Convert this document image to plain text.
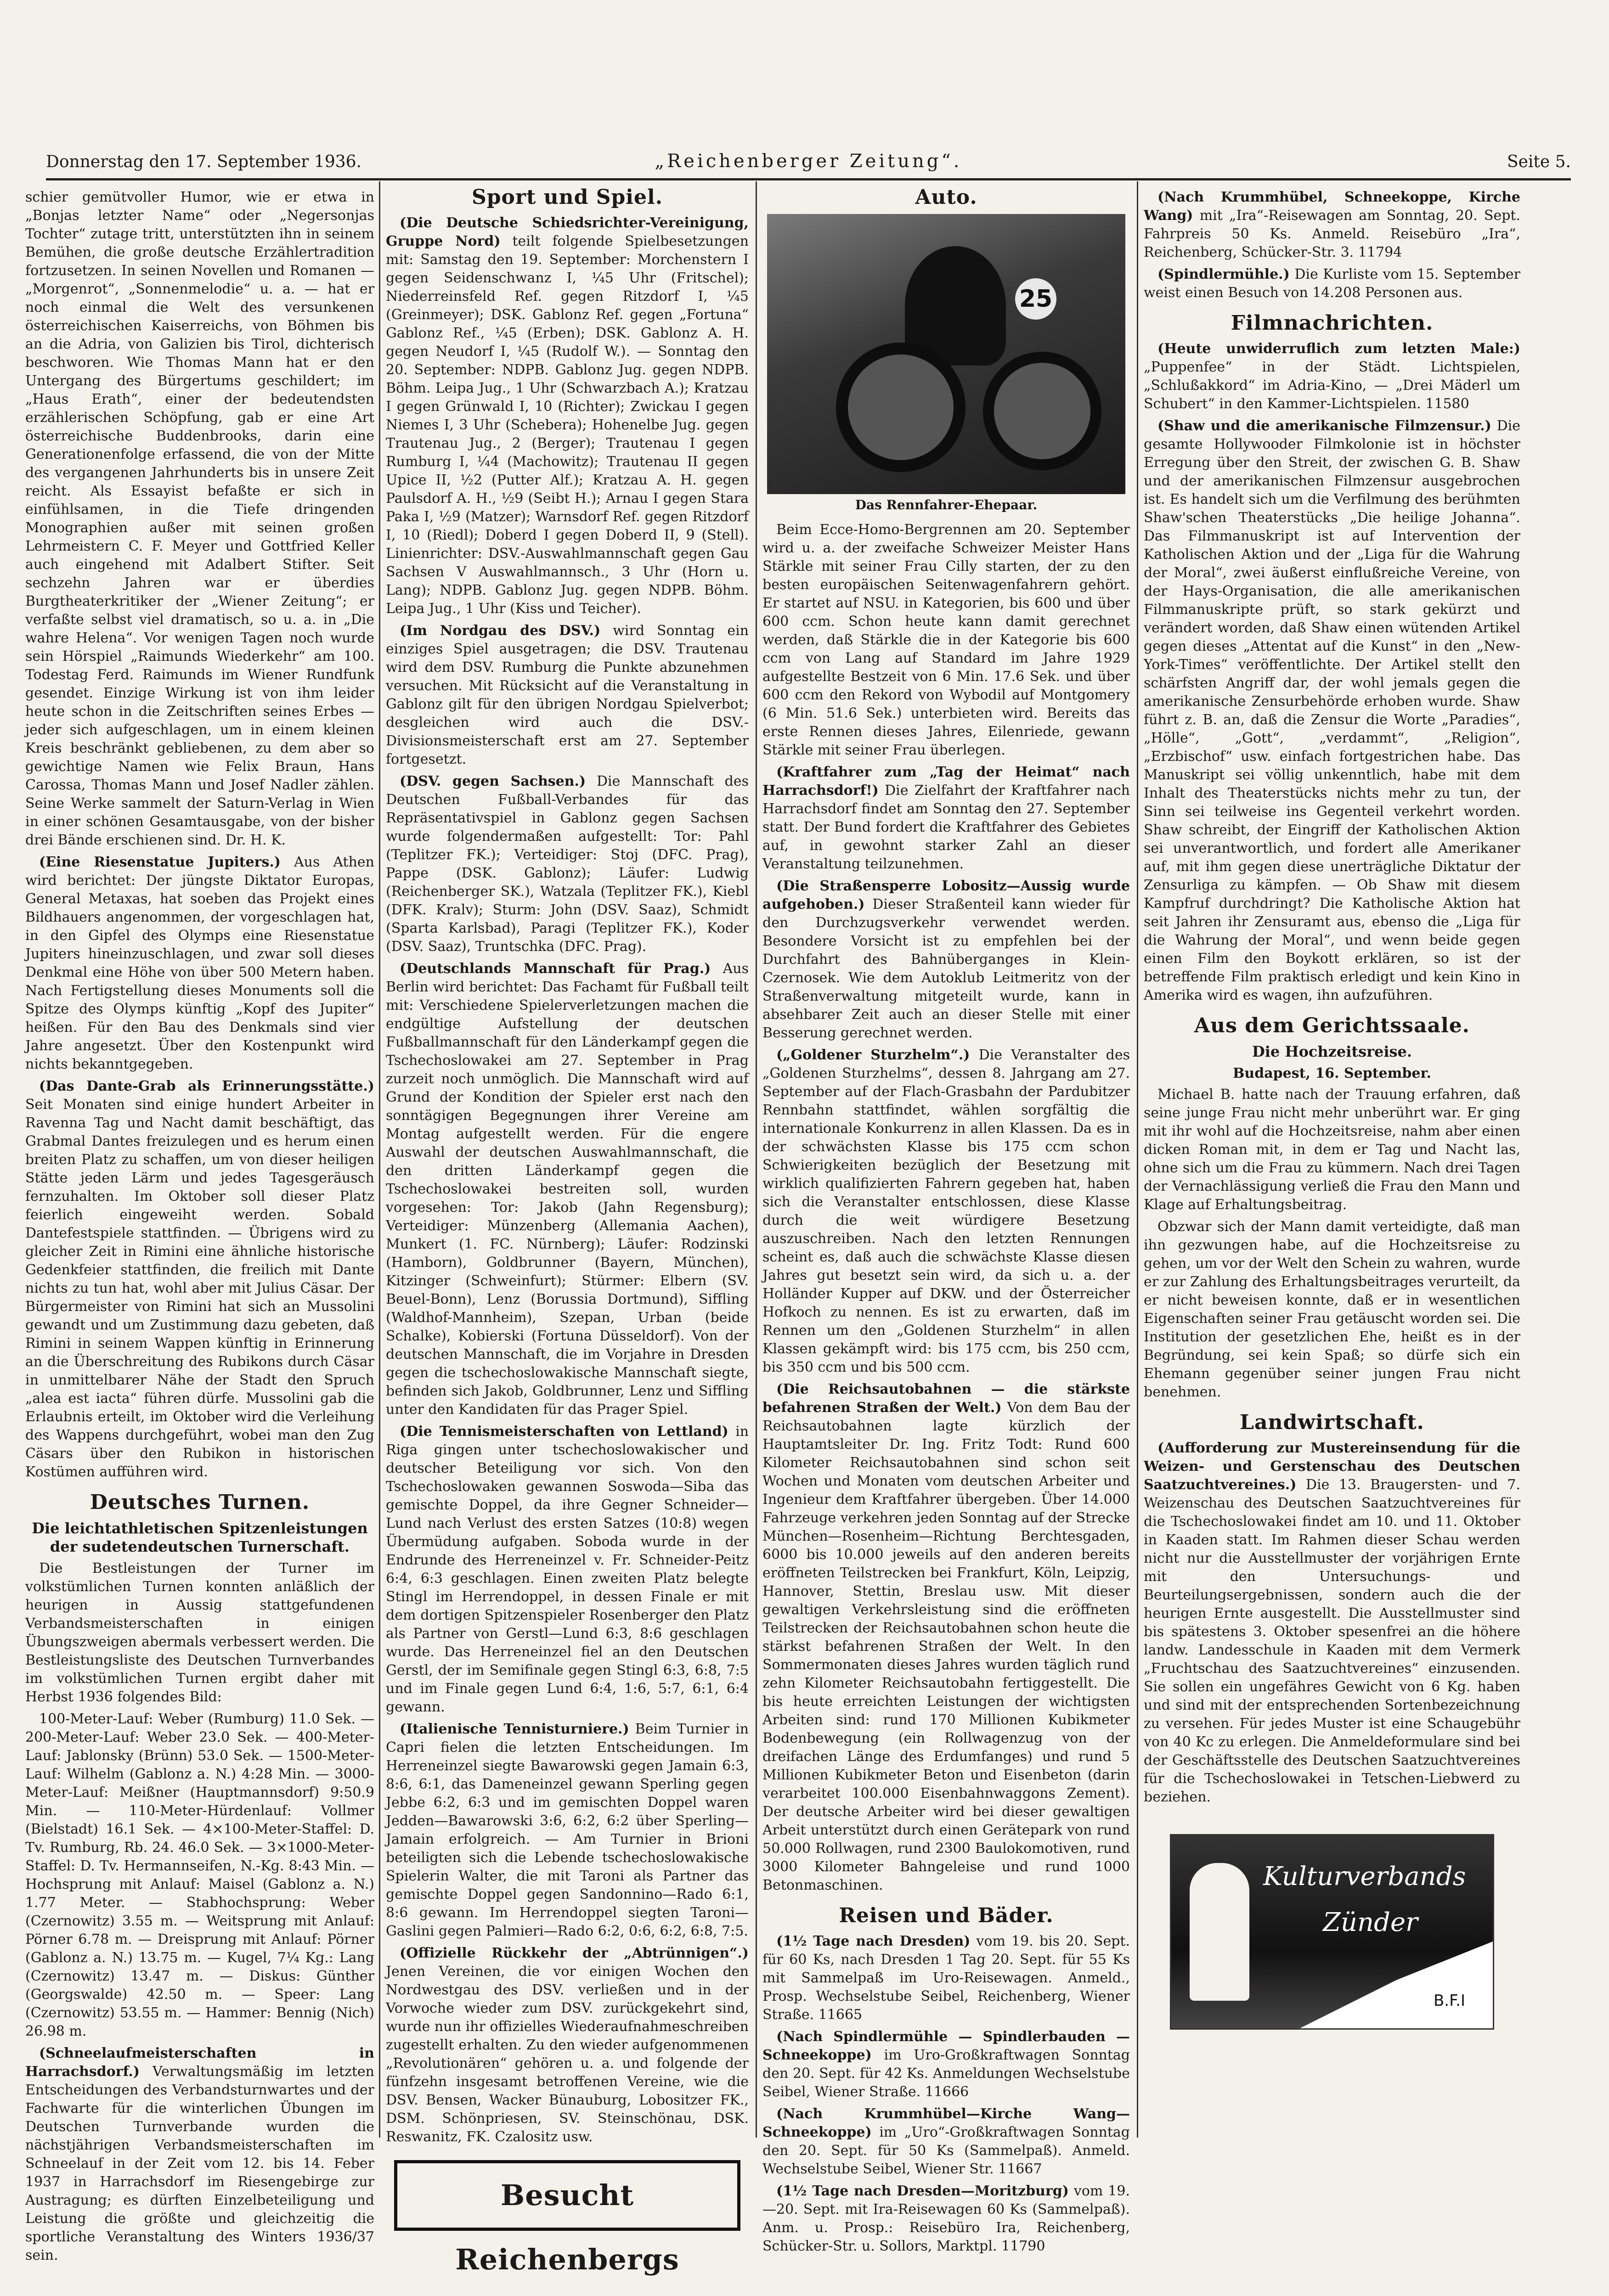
Donnerstag den 17. September 1936.	„Reichenberger Zeitung“.	Seite 5.

schier gemütvoller Humor, wie er etwa in „Bonjas letzter Name“ oder „Negersonjas Tochter“ zutage tritt, unterstützten ihn in seinem Bemühen, die große deutsche Erzählertradition fortzusetzen. In seinen Novellen und Romanen — „Morgenrot“, „Sonnenmelodie“ u. a. — hat er noch einmal die Welt des versunkenen österreichischen Kaiserreichs, von Böhmen bis an die Adria, von Galizien bis Tirol, dichterisch beschworen. Wie Thomas Mann hat er den Untergang des Bürgertums geschildert; im „Haus Erath“, einer der bedeutendsten erzählerischen Schöpfung, gab er eine Art österreichische Buddenbrooks, darin eine Generationenfolge erfassend, die von der Mitte des vergangenen Jahrhunderts bis in unsere Zeit reicht. Als Essayist befaßte er sich in einfühlsamen, in die Tiefe dringenden Monographien außer mit seinen großen Lehrmeistern C. F. Meyer und Gottfried Keller auch eingehend mit Adalbert Stifter. Seit sechzehn Jahren war er überdies Burgtheaterkritiker der „Wiener Zeitung“; er verfaßte selbst viel dramatisch, so u. a. in „Die wahre Helena“. Vor wenigen Tagen noch wurde sein Hörspiel „Raimunds Wiederkehr“ am 100. Todestag Ferd. Raimunds im Wiener Rundfunk gesendet. Einzige Wirkung ist von ihm leider heute schon in die Zeitschriften seines Erbes — jeder sich aufgeschlagen, um in einem kleinen Kreis beschränkt gebliebenen, zu dem aber so gewichtige Namen wie Felix Braun, Hans Carossa, Thomas Mann und Josef Nadler zählen. Seine Werke sammelt der Saturn-Verlag in Wien in einer schönen Gesamtausgabe, von der bisher drei Bände erschienen sind. Dr. H. K.

(Eine Riesenstatue Jupiters.) Aus Athen wird berichtet: Der jüngste Diktator Europas, General Metaxas, hat soeben das Projekt eines Bildhauers angenommen, der vorgeschlagen hat, in den Gipfel des Olymps eine Riesenstatue Jupiters hineinzuschlagen, und zwar soll dieses Denkmal eine Höhe von über 500 Metern haben. Nach Fertigstellung dieses Monuments soll die Spitze des Olymps künftig „Kopf des Jupiter“ heißen. Für den Bau des Denkmals sind vier Jahre angesetzt. Über den Kostenpunkt wird nichts bekanntgegeben.

(Das Dante-Grab als Erinnerungsstätte.) Seit Monaten sind einige hundert Arbeiter in Ravenna Tag und Nacht damit beschäftigt, das Grabmal Dantes freizulegen und es herum einen breiten Platz zu schaffen, um von dieser heiligen Stätte jeden Lärm und jedes Tagesgeräusch fernzuhalten. Im Oktober soll dieser Platz feierlich eingeweiht werden. Sobald Dantefestspiele stattfinden. — Übrigens wird zu gleicher Zeit in Rimini eine ähnliche historische Gedenkfeier stattfinden, die freilich mit Dante nichts zu tun hat, wohl aber mit Julius Cäsar. Der Bürgermeister von Rimini hat sich an Mussolini gewandt und um Zustimmung dazu gebeten, daß Rimini in seinem Wappen künftig in Erinnerung an die Überschreitung des Rubikons durch Cäsar in unmittelbarer Nähe der Stadt den Spruch „alea est iacta“ führen dürfe. Mussolini gab die Erlaubnis erteilt, im Oktober wird die Verleihung des Wappens durchgeführt, wobei man den Zug Cäsars über den Rubikon in historischen Kostümen aufführen wird.

Deutsches Turnen.
Die leichtathletischen Spitzenleistungen der sudetendeutschen Turnerschaft.

Die Bestleistungen der Turner im volkstümlichen Turnen konnten anläßlich der heurigen in Aussig stattgefundenen Verbandsmeisterschaften in einigen Übungszweigen abermals verbessert werden. Die Bestleistungsliste des Deutschen Turnverbandes im volkstümlichen Turnen ergibt daher mit Herbst 1936 folgendes Bild:

100-Meter-Lauf: Weber (Rumburg) 11.0 Sek. — 200-Meter-Lauf: Weber 23.0 Sek. — 400-Meter-Lauf: Jablonsky (Brünn) 53.0 Sek. — 1500-Meter-Lauf: Wilhelm (Gablonz a. N.) 4:28 Min. — 3000-Meter-Lauf: Meißner (Hauptmannsdorf) 9:50.9 Min. — 110-Meter-Hürdenlauf: Vollmer (Bielstadt) 16.1 Sek. — 4×100-Meter-Staffel: D. Tv. Rumburg, Rb. 24. 46.0 Sek. — 3×1000-Meter-Staffel: D. Tv. Hermannseifen, N.-Kg. 8:43 Min. — Hochsprung mit Anlauf: Maisel (Gablonz a. N.) 1.77 Meter. — Stabhochsprung: Weber (Czernowitz) 3.55 m. — Weitsprung mit Anlauf: Pörner 6.78 m. — Dreisprung mit Anlauf: Pörner (Gablonz a. N.) 13.75 m. — Kugel, 7¼ Kg.: Lang (Czernowitz) 13.47 m. — Diskus: Günther (Georgswalde) 42.50 m. — Speer: Lang (Czernowitz) 53.55 m. — Hammer: Bennig (Nich) 26.98 m.

(Schneelaufmeisterschaften in Harrachsdorf.) Verwaltungsmäßig im letzten Entscheidungen des Verbandsturnwartes und der Fachwarte für die winterlichen Übungen im Deutschen Turnverbande wurden die nächstjährigen Verbandsmeisterschaften im Schneelauf in der Zeit vom 12. bis 14. Feber 1937 in Harrachsdorf im Riesengebirge zur Austragung; es dürften Einzelbeteiligung und Leistung die größte und gleichzeitig die sportliche Veranstaltung des Winters 1936/37 sein.

Sport und Spiel.

(Die Deutsche Schiedsrichter-Vereinigung, Gruppe Nord) teilt folgende Spielbesetzungen mit: Samstag den 19. September: Morchenstern I gegen Seidenschwanz I, ¼5 Uhr (Fritschel); Niederreinsfeld Ref. gegen Ritzdorf I, ¼5 (Greinmeyer); DSK. Gablonz Ref. gegen „Fortuna“ Gablonz Ref., ¼5 (Erben); DSK. Gablonz A. H. gegen Neudorf I, ¼5 (Rudolf W.). — Sonntag den 20. September: NDPB. Gablonz Jug. gegen NDPB. Böhm. Leipa Jug., 1 Uhr (Schwarzbach A.); Kratzau I gegen Grünwald I, 10 (Richter); Zwickau I gegen Niemes I, 3 Uhr (Schebera); Hohenelbe Jug. gegen Trautenau Jug., 2 (Berger); Trautenau I gegen Rumburg I, ¼4 (Machowitz); Trautenau II gegen Upice II, ½2 (Putter Alf.); Kratzau A. H. gegen Paulsdorf A. H., ½9 (Seibt H.); Arnau I gegen Stara Paka I, ½9 (Matzer); Warnsdorf Ref. gegen Ritzdorf I, 10 (Riedl); Doberd I gegen Doberd II, 9 (Stell). Linienrichter: DSV.-Auswahlmannschaft gegen Gau Sachsen V Auswahlmannsch., 3 Uhr (Horn u. Lang); NDPB. Gablonz Jug. gegen NDPB. Böhm. Leipa Jug., 1 Uhr (Kiss und Teicher).

(Im Nordgau des DSV.) wird Sonntag ein einziges Spiel ausgetragen; die DSV. Trautenau wird dem DSV. Rumburg die Punkte abzunehmen versuchen. Mit Rücksicht auf die Veranstaltung in Gablonz gilt für den übrigen Nordgau Spielverbot; desgleichen wird auch die DSV.-Divisionsmeisterschaft erst am 27. September fortgesetzt.

(DSV. gegen Sachsen.) Die Mannschaft des Deutschen Fußball-Verbandes für das Repräsentativspiel in Gablonz gegen Sachsen wurde folgendermaßen aufgestellt: Tor: Pahl (Teplitzer FK.); Verteidiger: Stoj (DFC. Prag), Pappe (DSK. Gablonz); Läufer: Ludwig (Reichenberger SK.), Watzala (Teplitzer FK.), Kiebl (DFK. Kralv); Sturm: John (DSV. Saaz), Schmidt (Sparta Karlsbad), Paragi (Teplitzer FK.), Koder (DSV. Saaz), Truntschka (DFC. Prag).

(Deutschlands Mannschaft für Prag.) Aus Berlin wird berichtet: Das Fachamt für Fußball teilt mit: Verschiedene Spielerverletzungen machen die endgültige Aufstellung der deutschen Fußballmannschaft für den Länderkampf gegen die Tschechoslowakei am 27. September in Prag zurzeit noch unmöglich. Die Mannschaft wird auf Grund der Kondition der Spieler erst nach den sonntägigen Begegnungen ihrer Vereine am Montag aufgestellt werden. Für die engere Auswahl der deutschen Auswahlmannschaft, die den dritten Länderkampf gegen die Tschechoslowakei bestreiten soll, wurden vorgesehen: Tor: Jakob (Jahn Regensburg); Verteidiger: Münzenberg (Allemania Aachen), Munkert (1. FC. Nürnberg); Läufer: Rodzinski (Hamborn), Goldbrunner (Bayern, München), Kitzinger (Schweinfurt); Stürmer: Elbern (SV. Beuel-Bonn), Lenz (Borussia Dortmund), Siffling (Waldhof-Mannheim), Szepan, Urban (beide Schalke), Kobierski (Fortuna Düsseldorf). Von der deutschen Mannschaft, die im Vorjahre in Dresden gegen die tschechoslowakische Mannschaft siegte, befinden sich Jakob, Goldbrunner, Lenz und Siffling unter den Kandidaten für das Prager Spiel.

(Die Tennismeisterschaften von Lettland) in Riga gingen unter tschechoslowakischer und deutscher Beteiligung vor sich. Von den Tschechoslowaken gewannen Soswoda—Siba das gemischte Doppel, da ihre Gegner Schneider—Lund nach Verlust des ersten Satzes (10:8) wegen Übermüdung aufgaben. Soboda wurde in der Endrunde des Herreneinzel v. Fr. Schneider-Peitz 6:4, 6:3 geschlagen. Einen zweiten Platz belegte Stingl im Herrendoppel, in dessen Finale er mit dem dortigen Spitzenspieler Rosenberger den Platz als Partner von Gerstl—Lund 6:3, 8:6 geschlagen wurde. Das Herreneinzel fiel an den Deutschen Gerstl, der im Semifinale gegen Stingl 6:3, 6:8, 7:5 und im Finale gegen Lund 6:4, 1:6, 5:7, 6:1, 6:4 gewann.

(Italienische Tennisturniere.) Beim Turnier in Capri fielen die letzten Entscheidungen. Im Herreneinzel siegte Bawarowski gegen Jamain 6:3, 8:6, 6:1, das Dameneinzel gewann Sperling gegen Jebbe 6:2, 6:3 und im gemischten Doppel waren Jedden—Bawarowski 3:6, 6:2, 6:2 über Sperling—Jamain erfolgreich. — Am Turnier in Brioni beteiligten sich die Lebende tschechoslowakische Spielerin Walter, die mit Taroni als Partner das gemischte Doppel gegen Sandonnino—Rado 6:1, 8:6 gewann. Im Herrendoppel siegten Taroni—Gaslini gegen Palmieri—Rado 6:2, 0:6, 6:2, 6:8, 7:5.

(Offizielle Rückkehr der „Abtrünnigen“.) Jenen Vereinen, die vor einigen Wochen den Nordwestgau des DSV. verließen und in der Vorwoche wieder zum DSV. zurückgekehrt sind, wurde nun ihr offizielles Wiederaufnahmeschreiben zugestellt erhalten. Zu den wieder aufgenommenen „Revolutionären“ gehören u. a. und folgende der fünfzehn insgesamt betroffenen Vereine, wie die DSV. Bensen, Wacker Bünauburg, Lobositzer FK., DSM. Schönpriesen, SV. Steinschönau, DSK. Reswanitz, FK. Czalositz usw.

Besucht Reichenbergs
Auto.
25
Das Rennfahrer-Ehepaar.

Beim Ecce-Homo-Bergrennen am 20. September wird u. a. der zweifache Schweizer Meister Hans Stärkle mit seiner Frau Cilly starten, der zu den besten europäischen Seitenwagenfahrern gehört. Er startet auf NSU. in Kategorien, bis 600 und über 600 ccm. Schon heute kann damit gerechnet werden, daß Stärkle die in der Kategorie bis 600 ccm von Lang auf Standard im Jahre 1929 aufgestellte Bestzeit von 6 Min. 17.6 Sek. und über 600 ccm den Rekord von Wybodil auf Montgomery (6 Min. 51.6 Sek.) unterbieten wird. Bereits das erste Rennen dieses Jahres, Eilenriede, gewann Stärkle mit seiner Frau überlegen.

(Kraftfahrer zum „Tag der Heimat“ nach Harrachsdorf!) Die Zielfahrt der Kraftfahrer nach Harrachsdorf findet am Sonntag den 27. September statt. Der Bund fordert die Kraftfahrer des Gebietes auf, in gewohnt starker Zahl an dieser Veranstaltung teilzunehmen.

(Die Straßensperre Lobositz—Aussig wurde aufgehoben.) Dieser Straßenteil kann wieder für den Durchzugsverkehr verwendet werden. Besondere Vorsicht ist zu empfehlen bei der Durchfahrt des Bahnüberganges in Klein-Czernosek. Wie dem Autoklub Leitmeritz von der Straßenverwaltung mitgeteilt wurde, kann in absehbarer Zeit auch an dieser Stelle mit einer Besserung gerechnet werden.

(„Goldener Sturzhelm“.) Die Veranstalter des „Goldenen Sturzhelms“, dessen 8. Jahrgang am 27. September auf der Flach-Grasbahn der Pardubitzer Rennbahn stattfindet, wählen sorgfältig die internationale Konkurrenz in allen Klassen. Da es in der schwächsten Klasse bis 175 ccm schon Schwierigkeiten bezüglich der Besetzung mit wirklich qualifizierten Fahrern gegeben hat, haben sich die Veranstalter entschlossen, diese Klasse durch die weit würdigere Besetzung auszuschreiben. Nach den letzten Rennungen scheint es, daß auch die schwächste Klasse diesen Jahres gut besetzt sein wird, da sich u. a. der Holländer Kupper auf DKW. und der Österreicher Hofkoch zu nennen. Es ist zu erwarten, daß im Rennen um den „Goldenen Sturzhelm“ in allen Klassen gekämpft wird: bis 175 ccm, bis 250 ccm, bis 350 ccm und bis 500 ccm.

(Die Reichsautobahnen — die stärkste befahrenen Straßen der Welt.) Von dem Bau der Reichsautobahnen lagte kürzlich der Hauptamtsleiter Dr. Ing. Fritz Todt: Rund 600 Kilometer Reichsautobahnen sind schon seit Wochen und Monaten vom deutschen Arbeiter und Ingenieur dem Kraftfahrer übergeben. Über 14.000 Fahrzeuge verkehren jeden Sonntag auf der Strecke München—Rosenheim—Richtung Berchtesgaden, 6000 bis 10.000 jeweils auf den anderen bereits eröffneten Teilstrecken bei Frankfurt, Köln, Leipzig, Hannover, Stettin, Breslau usw. Mit dieser gewaltigen Verkehrsleistung sind die eröffneten Teilstrecken der Reichsautobahnen schon heute die stärkst befahrenen Straßen der Welt. In den Sommermonaten dieses Jahres wurden täglich rund zehn Kilometer Reichsautobahn fertiggestellt. Die bis heute erreichten Leistungen der wichtigsten Arbeiten sind: rund 170 Millionen Kubikmeter Bodenbewegung (ein Rollwagenzug von der dreifachen Länge des Erdumfanges) und rund 5 Millionen Kubikmeter Beton und Eisenbeton (darin verarbeitet 100.000 Eisenbahnwaggons Zement). Der deutsche Arbeiter wird bei dieser gewaltigen Arbeit unterstützt durch einen Gerätepark von rund 50.000 Rollwagen, rund 2300 Baulokomotiven, rund 3000 Kilometer Bahngeleise und rund 1000 Betonmaschinen.

Reisen und Bäder.

(1½ Tage nach Dresden) vom 19. bis 20. Sept. für 60 Ks, nach Dresden 1 Tag 20. Sept. für 55 Ks mit Sammelpaß im Uro-Reisewagen. Anmeld., Prosp. Wechselstube Seibel, Reichenberg, Wiener Straße. 11665

(Nach Spindlermühle — Spindlerbauden — Schneekoppe) im Uro-Großkraftwagen Sonntag den 20. Sept. für 42 Ks. Anmeldungen Wechselstube Seibel, Wiener Straße. 11666

(Nach Krummhübel—Kirche Wang—Schneekoppe) im „Uro“-Großkraftwagen Sonntag den 20. Sept. für 50 Ks (Sammelpaß). Anmeld. Wechselstube Seibel, Wiener Str. 11667

(1½ Tage nach Dresden—Moritzburg) vom 19.—20. Sept. mit Ira-Reisewagen 60 Ks (Sammelpaß). Anm. u. Prosp.: Reisebüro Ira, Reichenberg, Schücker-Str. u. Sollors, Marktpl. 11790

(Nach Krummhübel, Schneekoppe, Kirche Wang) mit „Ira“-Reisewagen am Sonntag, 20. Sept. Fahrpreis 50 Ks. Anmeld. Reisebüro „Ira“, Reichenberg, Schücker-Str. 3. 11794

(Spindlermühle.) Die Kurliste vom 15. September weist einen Besuch von 14.208 Personen aus.

Filmnachrichten.

(Heute unwiderruflich zum letzten Male:) „Puppenfee“ in der Städt. Lichtspielen, „Schlußakkord“ im Adria-Kino, — „Drei Mäderl um Schubert“ in den Kammer-Lichtspielen. 11580

(Shaw und die amerikanische Filmzensur.) Die gesamte Hollywooder Filmkolonie ist in höchster Erregung über den Streit, der zwischen G. B. Shaw und der amerikanischen Filmzensur ausgebrochen ist. Es handelt sich um die Verfilmung des berühmten Shaw'schen Theaterstücks „Die heilige Johanna“. Das Filmmanuskript ist auf Intervention der Katholischen Aktion und der „Liga für die Wahrung der Moral“, zwei äußerst einflußreiche Vereine, von der Hays-Organisation, die alle amerikanischen Filmmanuskripte prüft, so stark gekürzt und verändert worden, daß Shaw einen wütenden Artikel gegen dieses „Attentat auf die Kunst“ in den „New-York-Times“ veröffentlichte. Der Artikel stellt den schärfsten Angriff dar, der wohl jemals gegen die amerikanische Zensurbehörde erhoben wurde. Shaw führt z. B. an, daß die Zensur die Worte „Paradies“, „Hölle“, „Gott“, „verdammt“, „Religion“, „Erzbischof“ usw. einfach fortgestrichen habe. Das Manuskript sei völlig unkenntlich, habe mit dem Inhalt des Theaterstücks nichts mehr zu tun, der Sinn sei teilweise ins Gegenteil verkehrt worden. Shaw schreibt, der Eingriff der Katholischen Aktion sei unverantwortlich, und fordert alle Amerikaner auf, mit ihm gegen diese unerträgliche Diktatur der Zensurliga zu kämpfen. — Ob Shaw mit diesem Kampfruf durchdringt? Die Katholische Aktion hat seit Jahren ihr Zensuramt aus, ebenso die „Liga für die Wahrung der Moral“, und wenn beide gegen einen Film den Boykott erklären, so ist der betreffende Film praktisch erledigt und kein Kino in Amerika wird es wagen, ihn aufzuführen.

Aus dem Gerichtssaale.
Die Hochzeitsreise.
Budapest, 16. September.

Michael B. hatte nach der Trauung erfahren, daß seine junge Frau nicht mehr unberührt war. Er ging mit ihr wohl auf die Hochzeitsreise, nahm aber einen dicken Roman mit, in dem er Tag und Nacht las, ohne sich um die Frau zu kümmern. Nach drei Tagen der Vernachlässigung verließ die Frau den Mann und Klage auf Erhaltungsbeitrag.

Obzwar sich der Mann damit verteidigte, daß man ihn gezwungen habe, auf die Hochzeitsreise zu gehen, um vor der Welt den Schein zu wahren, wurde er zur Zahlung des Erhaltungsbeitrages verurteilt, da er nicht beweisen konnte, daß er in wesentlichen Eigenschaften seiner Frau getäuscht worden sei. Die Institution der gesetzlichen Ehe, heißt es in der Begründung, sei kein Spaß; so dürfe sich ein Ehemann gegenüber seiner jungen Frau nicht benehmen.

Landwirtschaft.

(Aufforderung zur Mustereinsendung für die Weizen- und Gerstenschau des Deutschen Saatzuchtvereines.) Die 13. Braugersten- und 7. Weizenschau des Deutschen Saatzuchtvereines für die Tschechoslowakei findet am 10. und 11. Oktober in Kaaden statt. Im Rahmen dieser Schau werden nicht nur die Ausstellmuster der vorjährigen Ernte mit den Untersuchungs- und Beurteilungsergebnissen, sondern auch die der heurigen Ernte ausgestellt. Die Ausstellmuster sind bis spätestens 3. Oktober spesenfrei an die höhere landw. Landesschule in Kaaden mit dem Vermerk „Fruchtschau des Saatzuchtvereines“ einzusenden. Sie sollen ein ungefähres Gewicht von 6 Kg. haben und sind mit der entsprechenden Sortenbezeichnung zu versehen. Für jedes Muster ist eine Schaugebühr von 40 Kc zu erlegen. Die Anmeldeformulare sind bei der Geschäftsstelle des Deutschen Saatzuchtvereines für die Tschechoslowakei in Tetschen-Liebwerd zu beziehen.

Kulturverbands
Zünder
B.F.I
